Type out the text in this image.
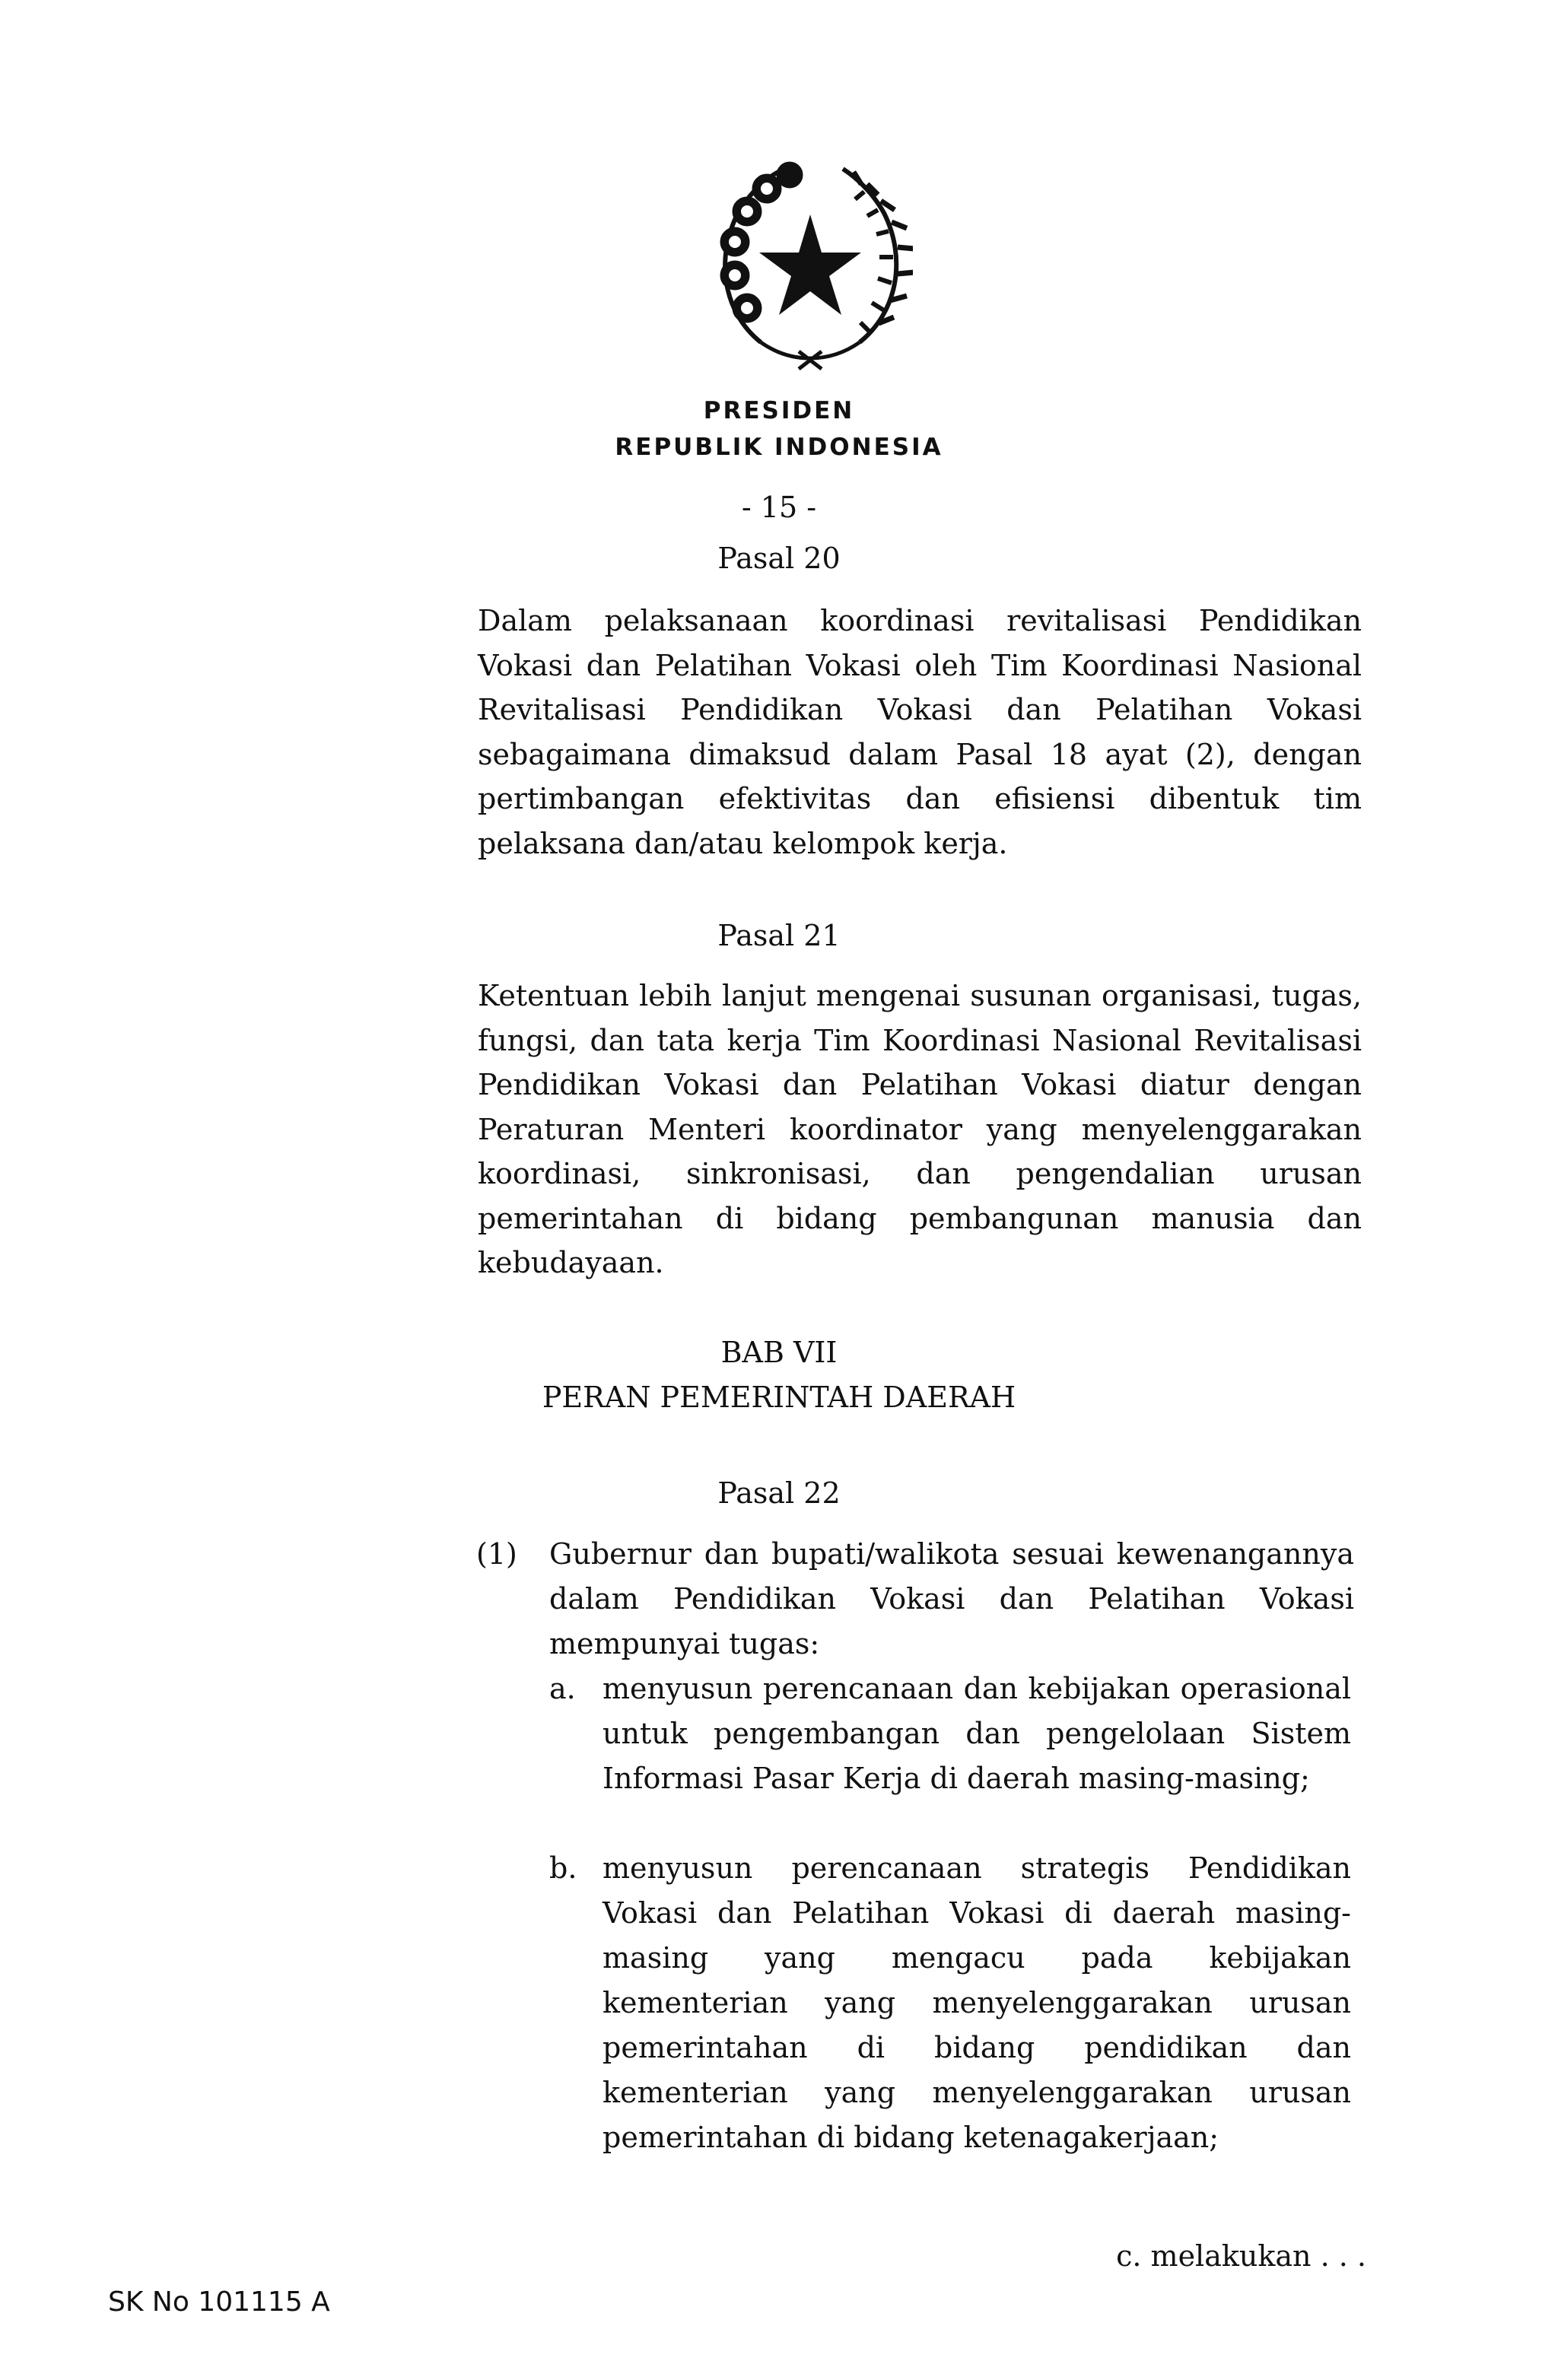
PRESIDEN
REPUBLIK INDONESIA
- 15 -
Pasal 20

Dalam pelaksanaan koordinasi revitalisasi Pendidikan Vokasi dan Pelatihan Vokasi oleh Tim Koordinasi Nasional Revitalisasi Pendidikan Vokasi dan Pelatihan Vokasi sebagaimana dimaksud dalam Pasal 18 ayat (2), dengan pertimbangan efektivitas dan efisiensi dibentuk tim pelaksana dan/atau kelompok kerja.

Pasal 21

Ketentuan lebih lanjut mengenai susunan organisasi, tugas, fungsi, dan tata kerja Tim Koordinasi Nasional Revitalisasi Pendidikan Vokasi dan Pelatihan Vokasi diatur dengan Peraturan Menteri koordinator yang menyelenggarakan koordinasi, sinkronisasi, dan pengendalian urusan pemerintahan di bidang pembangunan manusia dan kebudayaan.

BAB VII
PERAN PEMERINTAH DAERAH
Pasal 22
(1) Gubernur dan bupati/walikota sesuai kewenangannya dalam Pendidikan Vokasi dan Pelatihan Vokasi mempunyai tugas:

a. menyusun perencanaan dan kebijakan operasional untuk pengembangan dan pengelolaan Sistem Informasi Pasar Kerja di daerah masing-masing;

b. menyusun perencanaan strategis Pendidikan Vokasi dan Pelatihan Vokasi di daerah masing-masing yang mengacu pada kebijakan kementerian yang menyelenggarakan urusan pemerintahan di bidang pendidikan dan kementerian yang menyelenggarakan urusan pemerintahan di bidang ketenagakerjaan;

c. melakukan . . .
SK No 101115 A
